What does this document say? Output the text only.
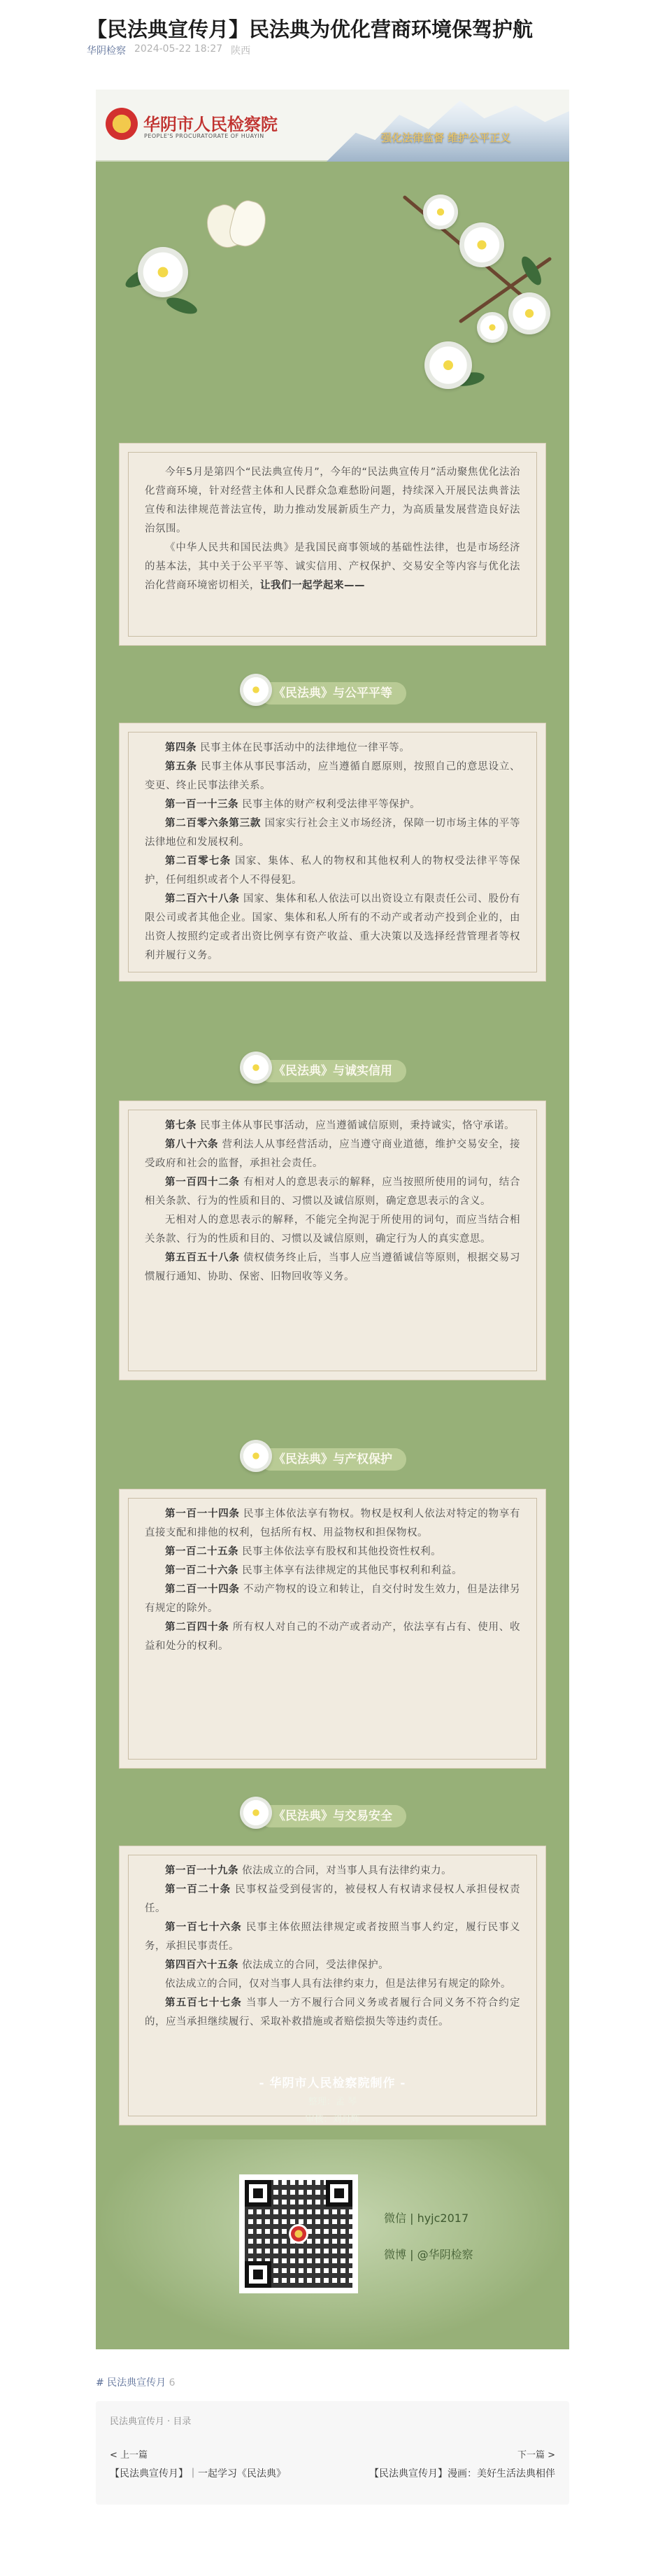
【民法典宣传月】民法典为优化营商环境保驾护航
华阴检察 2024-05-22 18:27 陕西
华阴市人民检察院
PEOPLE'S PROCURATORATE OF HUAYIN	强化法律监督 维护公平正义

今年5月是第四个“民法典宣传月”，今年的“民法典宣传月”活动聚焦优化法治化营商环境，针对经营主体和人民群众急难愁盼问题，持续深入开展民法典普法宣传和法律规范普法宣传，助力推动发展新质生产力，为高质量发展营造良好法治氛围。

《中华人民共和国民法典》是我国民商事领域的基础性法律，也是市场经济的基本法，其中关于公平平等、诚实信用、产权保护、交易安全等内容与优化法治化营商环境密切相关，让我们一起学起来——

《民法典》与公平平等

第四条 民事主体在民事活动中的法律地位一律平等。

第五条 民事主体从事民事活动，应当遵循自愿原则，按照自己的意思设立、变更、终止民事法律关系。

第一百一十三条 民事主体的财产权利受法律平等保护。

第二百零六条第三款 国家实行社会主义市场经济，保障一切市场主体的平等法律地位和发展权利。

第二百零七条 国家、集体、私人的物权和其他权利人的物权受法律平等保护，任何组织或者个人不得侵犯。

第二百六十八条 国家、集体和私人依法可以出资设立有限责任公司、股份有限公司或者其他企业。国家、集体和私人所有的不动产或者动产投到企业的，由出资人按照约定或者出资比例享有资产收益、重大决策以及选择经营管理者等权利并履行义务。

《民法典》与诚实信用

第七条 民事主体从事民事活动，应当遵循诚信原则，秉持诚实，恪守承诺。

第八十六条 营利法人从事经营活动，应当遵守商业道德，维护交易安全，接受政府和社会的监督，承担社会责任。

第一百四十二条 有相对人的意思表示的解释，应当按照所使用的词句，结合相关条款、行为的性质和目的、习惯以及诚信原则，确定意思表示的含义。

无相对人的意思表示的解释，不能完全拘泥于所使用的词句，而应当结合相关条款、行为的性质和目的、习惯以及诚信原则，确定行为人的真实意思。

第五百五十八条 债权债务终止后，当事人应当遵循诚信等原则，根据交易习惯履行通知、协助、保密、旧物回收等义务。

《民法典》与产权保护

第一百一十四条 民事主体依法享有物权。物权是权利人依法对特定的物享有直接支配和排他的权利，包括所有权、用益物权和担保物权。

第一百二十五条 民事主体依法享有股权和其他投资性权利。

第一百二十六条 民事主体享有法律规定的其他民事权利和利益。

第二百一十四条 不动产物权的设立和转让，自交付时发生效力，但是法律另有规定的除外。

第二百四十条 所有权人对自己的不动产或者动产，依法享有占有、使用、收益和处分的权利。

《民法典》与交易安全

第一百一十九条 依法成立的合同，对当事人具有法律约束力。

第一百二十条 民事权益受到侵害的，被侵权人有权请求侵权人承担侵权责任。

第一百七十六条 民事主体依照法律规定或者按照当事人约定，履行民事义务，承担民事责任。

第四百六十五条 依法成立的合同，受法律保护。

依法成立的合同，仅对当事人具有法律约束力，但是法律另有规定的除外。

第五百七十七条 当事人一方不履行合同义务或者履行合同义务不符合约定的，应当承担继续履行、采取补救措施或者赔偿损失等违约责任。

- 华阴市人民检察院制作 -
整理：孟 琴
审核：刘丹辉
微信 | hyjc2017
微博 | @华阴检察
# 民法典宣传月 6
民法典宣传月 · 目录
< 上一篇
【民法典宣传月】｜一起学习《民法典》
下一篇 >
【民法典宣传月】漫画：美好生活法典相伴
